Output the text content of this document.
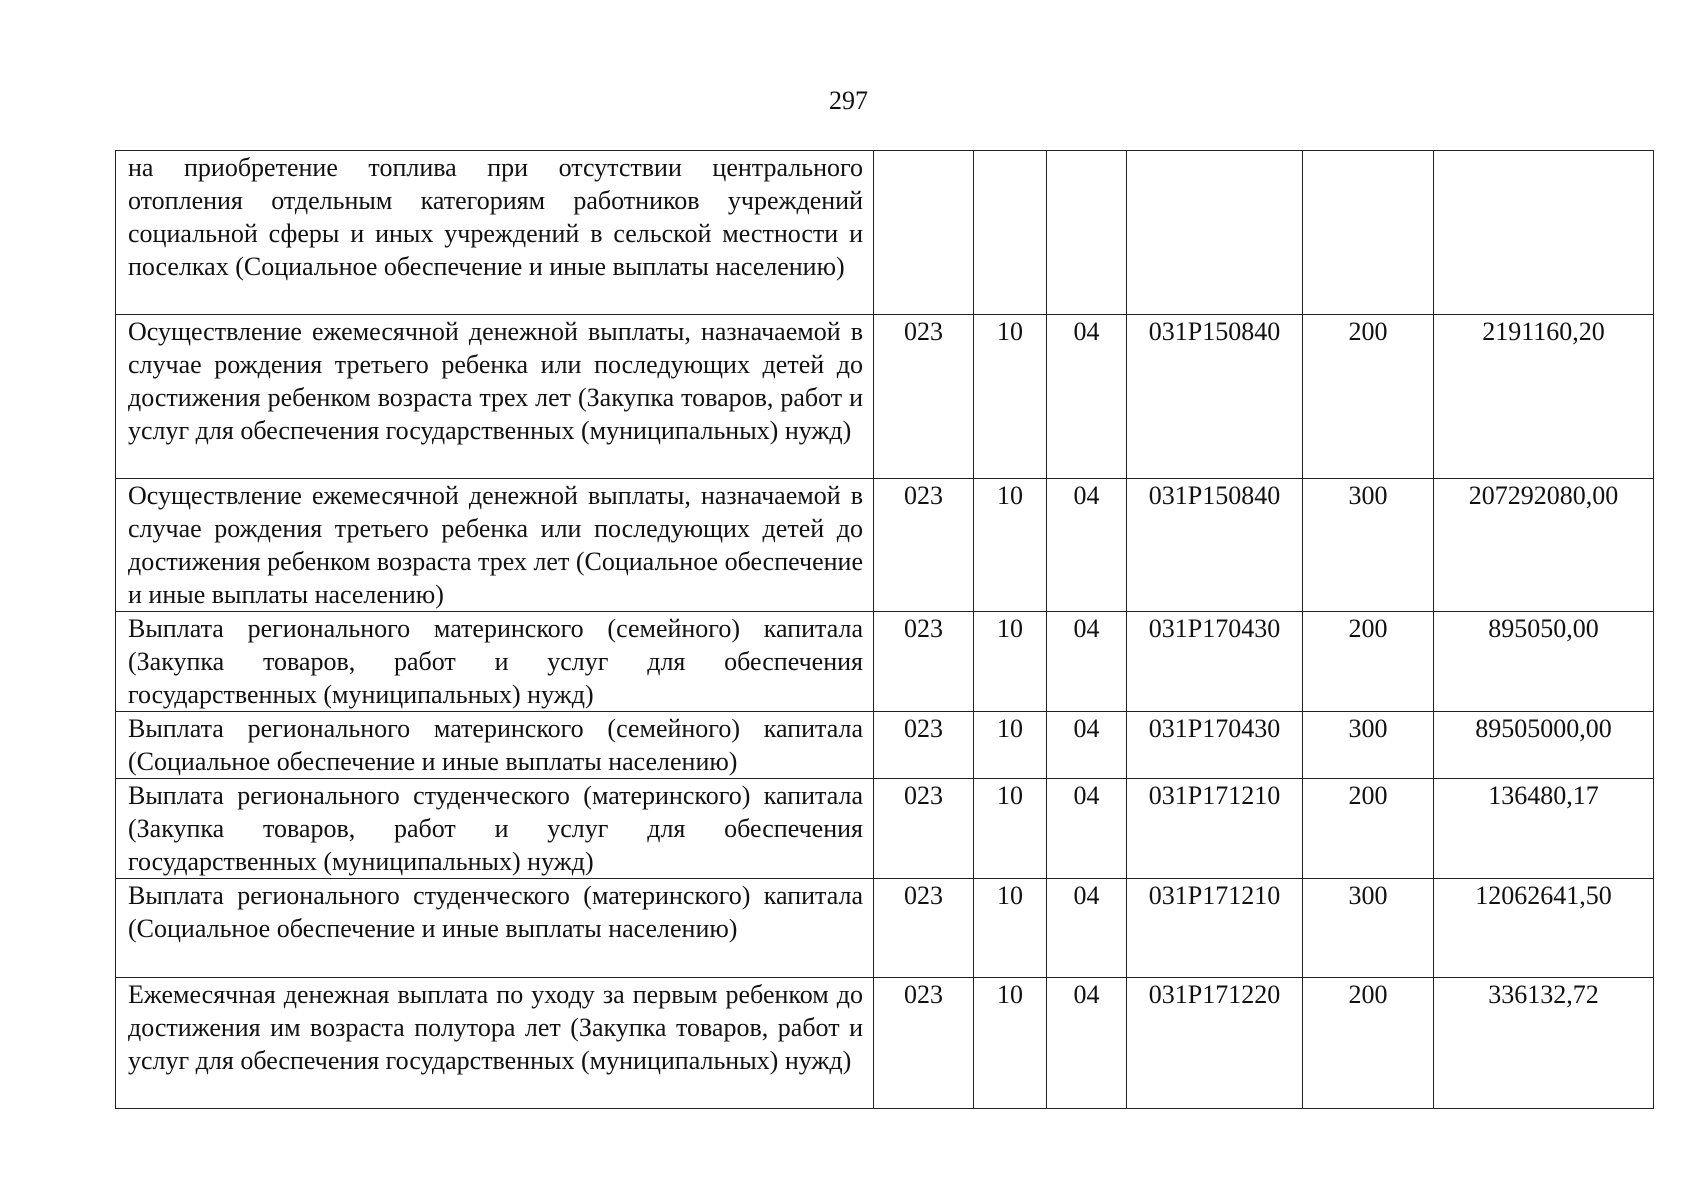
297
на приобретение топлива при отсутствии центрального отопления отдельным категориям работников учреждений социальной сферы и иных учреждений в сельской местности и поселках (Социальное обеспечение и иные выплаты населению)						
Осуществление ежемесячной денежной выплаты, назначаемой в случае рождения третьего ребенка или последующих детей до достижения ребенком возраста трех лет (Закупка товаров, работ и услуг для обеспечения государственных (муниципальных) нужд)	023	10	04	031P150840	200	2191160,20
Осуществление ежемесячной денежной выплаты, назначаемой в случае рождения третьего ребенка или последующих детей до достижения ребенком возраста трех лет (Социальное обеспечение и иные выплаты населению)	023	10	04	031P150840	300	207292080,00
Выплата регионального материнского (семейного) капитала (Закупка товаров, работ и услуг для обеспечения государственных (муниципальных) нужд)	023	10	04	031P170430	200	895050,00
Выплата регионального материнского (семейного) капитала (Социальное обеспечение и иные выплаты населению)	023	10	04	031P170430	300	89505000,00
Выплата регионального студенческого (материнского) капитала (Закупка товаров, работ и услуг для обеспечения государственных (муниципальных) нужд)	023	10	04	031P171210	200	136480,17
Выплата регионального студенческого (материнского) капитала (Социальное обеспечение и иные выплаты населению)	023	10	04	031P171210	300	12062641,50
Ежемесячная денежная выплата по уходу за первым ребенком до достижения им возраста полутора лет (Закупка товаров, работ и услуг для обеспечения государственных (муниципальных) нужд)	023	10	04	031P171220	200	336132,72
